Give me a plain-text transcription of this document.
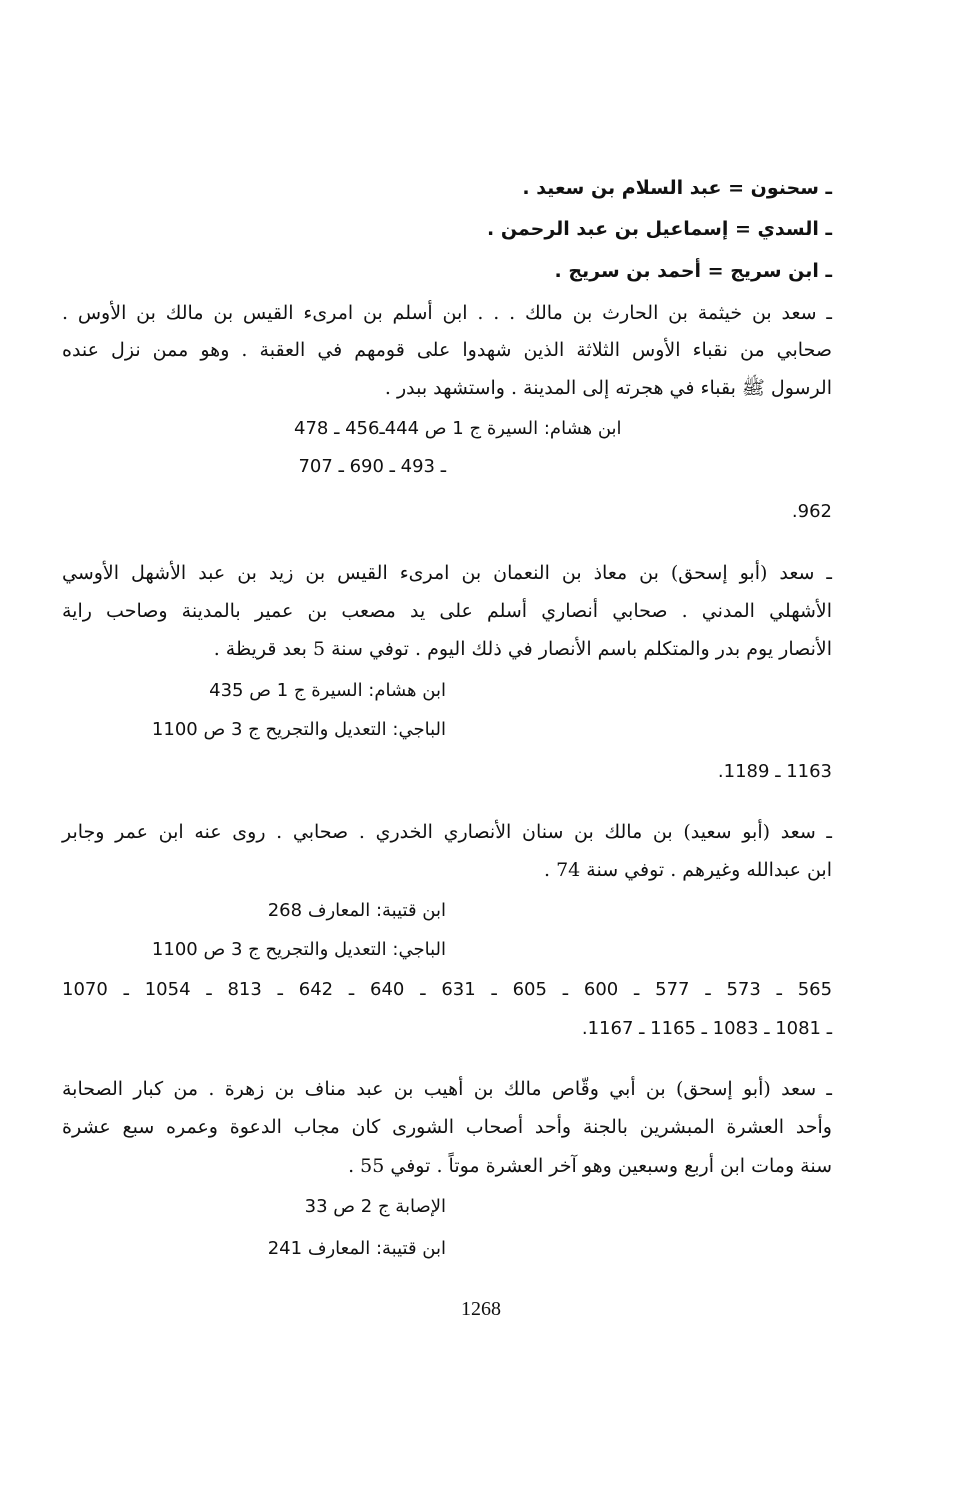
ـ سحنون = عبد السلام بن سعيد .
ـ السدي = إسماعيل بن عبد الرحمن .
ـ ابن سريج = أحمد بن سريج .
ـ سعد بن خيثمة بن الحارث بن مالك . . . ابن أسلم بن امرىء القيس بن مالك بن الأوس .
صحابي من نقباء الأوس الثلاثة الذين شهدوا على قومهم في العقبة . وهو ممن نزل عنده
الرسول ﷺ بقباء في هجرته إلى المدينة . واستشهد ببدر .
ابن هشام: السيرة ج 1 ص 444ـ456 ـ 478
ـ 493 ـ 690 ـ 707
.962
ـ سعد (أبو إسحق) بن معاذ بن النعمان بن امرىء القيس بن زيد بن عبد الأشهل الأوسي
الأشهلي المدني . صحابي أنصاري أسلم على يد مصعب بن عمير بالمدينة وصاحب راية
الأنصار يوم بدر والمتكلم باسم الأنصار في ذلك اليوم . توفي سنة 5 بعد قريظة .
ابن هشام: السيرة ج 1 ص 435
الباجي: التعديل والتجريح ج 3 ص 1100
1163 ـ 1189.
ـ سعد (أبو سعيد) بن مالك بن سنان الأنصاري الخدري . صحابي . روى عنه ابن عمر وجابر
ابن عبدالله وغيرهم . توفي سنة 74 .
ابن قتيبة: المعارف 268
الباجي: التعديل والتجريح ج 3 ص 1100
565 ـ 573 ـ 577 ـ 600 ـ 605 ـ 631 ـ 640 ـ 642 ـ 813 ـ 1054 ـ 1070
ـ 1081 ـ 1083 ـ 1165 ـ 1167.
ـ سعد (أبو إسحق) بن أبي وقّاص مالك بن أهيب بن عبد مناف بن زهرة . من كبار الصحابة
وأحد العشرة المبشرين بالجنة وأحد أصحاب الشورى كان مجاب الدعوة وعمره سبع عشرة
سنة ومات ابن أربع وسبعين وهو آخر العشرة موتاً . توفي 55 .
الإصابة ج 2 ص 33
ابن قتيبة: المعارف 241
1268
